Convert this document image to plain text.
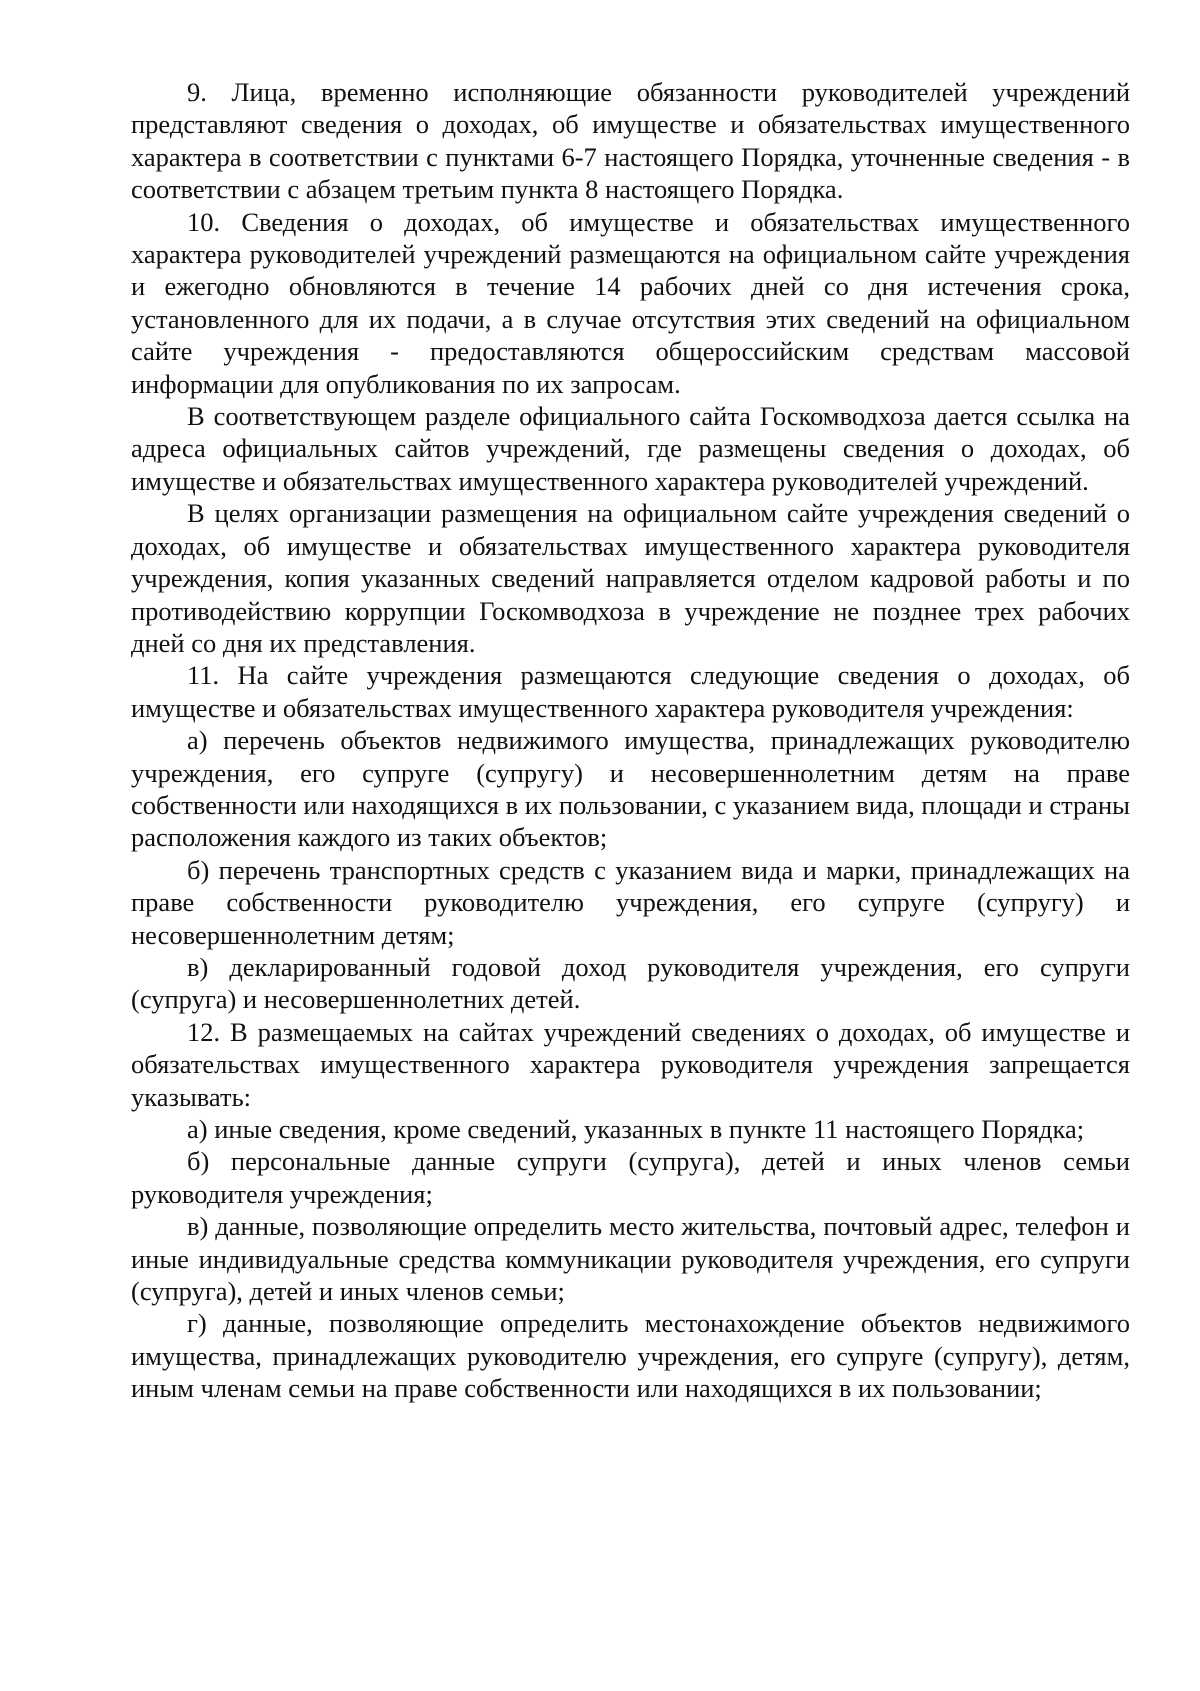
9. Лица, временно исполняющие обязанности руководителей учреждений представляют сведения о доходах, об имуществе и обязательствах имущественного характера в соответствии с пунктами 6-7 настоящего Порядка, уточненные сведения - в соответствии с абзацем третьим пункта 8 настоящего Порядка.

10. Сведения о доходах, об имуществе и обязательствах имущественного характера руководителей учреждений размещаются на официальном сайте учреждения и ежегодно обновляются в течение 14 рабочих дней со дня истечения срока, установленного для их подачи, а в случае отсутствия этих сведений на официальном сайте учреждения - предоставляются общероссийским средствам массовой информации для опубликования по их запросам.

В соответствующем разделе официального сайта Госкомводхоза дается ссылка на адреса официальных сайтов учреждений, где размещены сведения о доходах, об имуществе и обязательствах имущественного характера руководителей учреждений.

В целях организации размещения на официальном сайте учреждения сведений о доходах, об имуществе и обязательствах имущественного характера руководителя учреждения, копия указанных сведений направляется отделом кадровой работы и по противодействию коррупции Госкомводхоза в учреждение не позднее трех рабочих дней со дня их представления.

11. На сайте учреждения размещаются следующие сведения о доходах, об имуществе и обязательствах имущественного характера руководителя учреждения:

а) перечень объектов недвижимого имущества, принадлежащих руководителю учреждения, его супруге (супругу) и несовершеннолетним детям на праве собственности или находящихся в их пользовании, с указанием вида, площади и страны расположения каждого из таких объектов;

б) перечень транспортных средств с указанием вида и марки, принадлежащих на праве собственности руководителю учреждения, его супруге (супругу) и несовершеннолетним детям;

в) декларированный годовой доход руководителя учреждения, его супруги (супруга) и несовершеннолетних детей.

12. В размещаемых на сайтах учреждений сведениях о доходах, об имуществе и обязательствах имущественного характера руководителя учреждения запрещается указывать:

а) иные сведения, кроме сведений, указанных в пункте 11 настоящего Порядка;

б) персональные данные супруги (супруга), детей и иных членов семьи руководителя учреждения;

в) данные, позволяющие определить место жительства, почтовый адрес, телефон и иные индивидуальные средства коммуникации руководителя учреждения, его супруги (супруга), детей и иных членов семьи;

г) данные, позволяющие определить местонахождение объектов недвижимого имущества, принадлежащих руководителю учреждения, его супруге (супругу), детям, иным членам семьи на праве собственности или находящихся в их пользовании;
